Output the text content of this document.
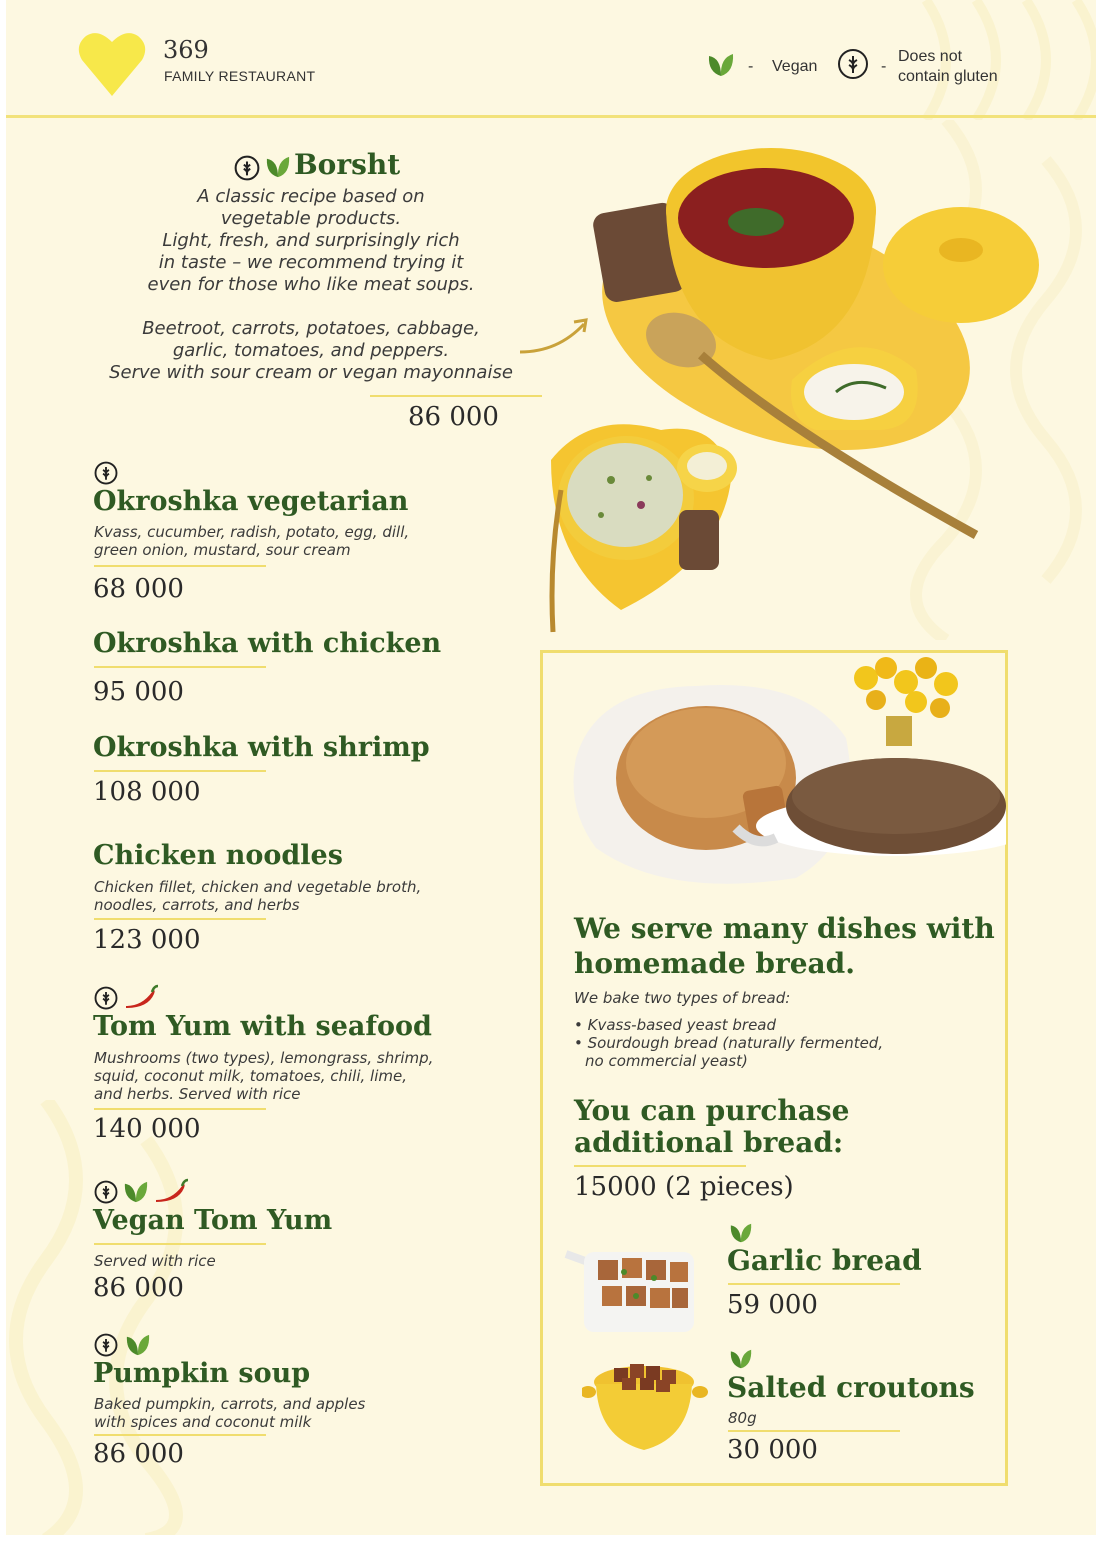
369
FAMILY RESTAURANT
- Vegan	-
Does not
contain gluten
Borsht
A classic recipe based on
vegetable products.
Light, fresh, and surprisingly rich
in taste – we recommend trying it
even for those who like meat soups.
Beetroot, carrots, potatoes, cabbage,
garlic, tomatoes, and peppers.
Serve with sour cream or vegan mayonnaise
86 000
Okroshka vegetarian
Kvass, cucumber, radish, potato, egg, dill,
green onion, mustard, sour cream
68 000
Okroshka with chicken
95 000
Okroshka with shrimp
108 000
Chicken noodles
Chicken fillet, chicken and vegetable broth,
noodles, carrots, and herbs
123 000
Tom Yum with seafood
Mushrooms (two types), lemongrass, shrimp,
squid, coconut milk, tomatoes, chili, lime,
and herbs. Served with rice
140 000
Vegan Tom Yum
Served with rice
86 000
Pumpkin soup
Baked pumpkin, carrots, and apples
with spices and coconut milk
86 000
We serve many dishes with
homemade bread.
We bake two types of bread:
• Kvass-based yeast bread
• Sourdough bread (naturally fermented,
no commercial yeast)
You can purchase
additional bread:
15000 (2 pieces)
Garlic bread
59 000
Salted croutons
80g
30 000
